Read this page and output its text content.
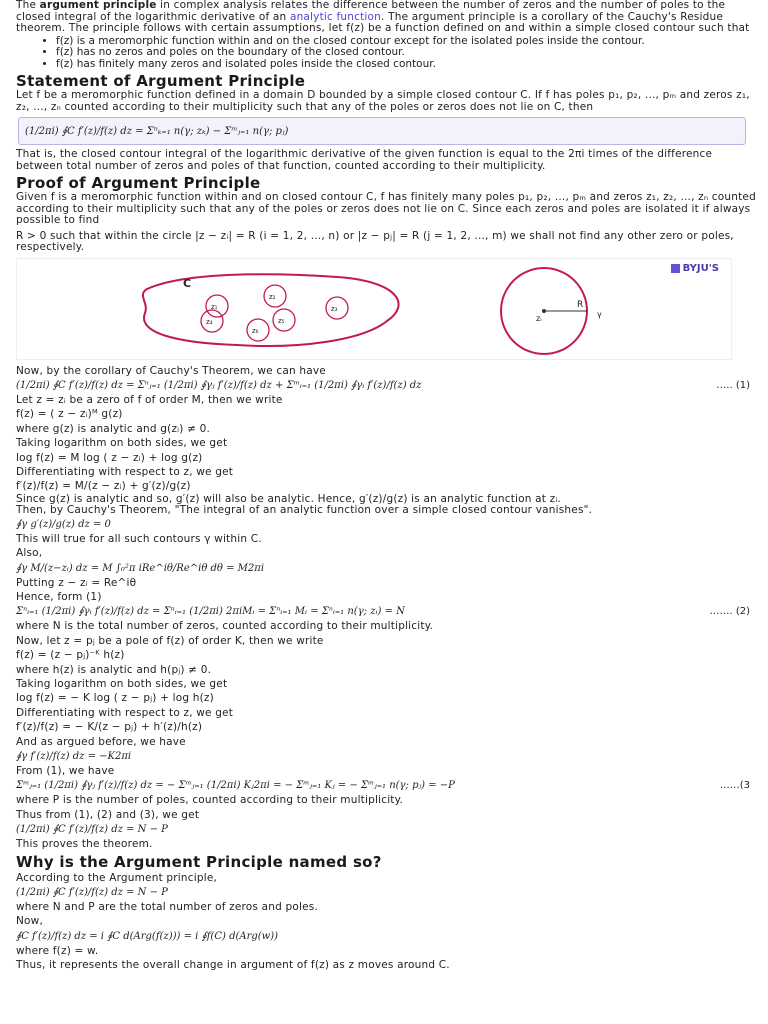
The argument principle in complex analysis relates the difference between the number of zeros and the number of poles to the closed integral of the logarithmic derivative of an analytic function. The argument principle is a corollary of the Cauchy's Residue theorem. The principle follows with certain assumptions, let f(z) be a function defined on and within a simple closed contour such that

• f(z) is a meromorphic function within and on the closed contour except for the isolated poles inside the contour.
• f(z) has no zeros and poles on the boundary of the closed contour.
• f(z) has finitely many zeros and isolated poles inside the closed contour.
Statement of Argument Principle

Let f be a meromorphic function defined in a domain D bounded by a simple closed contour C. If f has poles p₁, p₂, ..., pₘ and zeros z₁, z₂, ..., zₙ counted according to their multiplicity such that any of the poles or zeros does not lie on C, then

(1/2πi) ∮C f′(z)/f(z) dz = Σⁿₖ₌₁ n(γ; zₖ) − Σᵐⱼ₌₁ n(γ; pⱼ)

That is, the closed contour integral of the logarithmic derivative of the given function is equal to the 2πi times of the difference between total number of zeros and poles of that function, counted according to their multiplicity.

Proof of Argument Principle

Given f is a meromorphic function within and on closed contour C, f has finitely many poles p₁, p₂, ..., pₘ and zeros z₁, z₂, ..., zₙ counted according to their multiplicity such that any of the poles or zeros does not lie on C. Since each zeros and poles are isolated it if always possible to find

R > 0 such that within the circle |z − zᵢ| = R (i = 1, 2, ..., n) or |z − pⱼ| = R (j = 1, 2, ..., m) we shall not find any other zero or poles, respectively.

BYJU'S
C
z₁
z₂
z₃
z₄	z₅
z₆
R
zᵢ	γ
Now, by the corollary of Cauchy's Theorem, we can have
(1/2πi) ∮C f′(z)/f(z) dz = Σⁿⱼ₌₁ (1/2πi) ∮γⱼ f′(z)/f(z) dz + Σᵐᵢ₌₁ (1/2πi) ∮γᵢ f′(z)/f(z) dz	….. (1)
Let z = zᵢ be a zero of f of order M, then we write
f(z) = ( z − zᵢ)ᴹ g(z)
where g(z) is analytic and g(zᵢ) ≠ 0.
Taking logarithm on both sides, we get
log f(z) = M log ( z − zᵢ) + log g(z)
Differentiating with respect to z, we get
f′(z)/f(z) = M/(z − zᵢ) + g′(z)/g(z)
Since g(z) is analytic and so, g′(z) will also be analytic. Hence, g′(z)/g(z) is an analytic function at zᵢ.
Then, by Cauchy's Theorem, "The integral of an analytic function over a simple closed contour vanishes".
∮γ g′(z)/g(z) dz = 0
This will true for all such contours γ within C.
Also,
∮γ M/(z−zᵢ) dz = M ∫₀²π iRe^iθ/Re^iθ dθ = M2πi
Putting z − zᵢ = Re^iθ
Hence, form (1)
Σⁿᵢ₌₁ (1/2πi) ∮γᵢ f′(z)/f(z) dz = Σⁿᵢ₌₁ (1/2πi) 2πiMᵢ = Σⁿᵢ₌₁ Mᵢ = Σⁿᵢ₌₁ n(γ; zᵢ) = N	……. (2)
where N is the total number of zeros, counted according to their multiplicity.
Now, let z = pⱼ be a pole of f(z) of order K, then we write
f(z) = (z − pⱼ)⁻ᴷ h(z)
where h(z) is analytic and h(pⱼ) ≠ 0.
Taking logarithm on both sides, we get
log f(z) = − K log ( z − pⱼ) + log h(z)
Differentiating with respect to z, we get
f′(z)/f(z) = − K/(z − pⱼ) + h′(z)/h(z)
And as argued before, we have
∮γ f′(z)/f(z) dz = −K2πi
From (1), we have
Σᵐⱼ₌₁ (1/2πi) ∮γⱼ f′(z)/f(z) dz = − Σᵐⱼ₌₁ (1/2πi) Kⱼ2πi = − Σᵐⱼ₌₁ Kⱼ = − Σᵐⱼ₌₁ n(γ; pⱼ) = −P	……(3
where P is the number of poles, counted according to their multiplicity.
Thus from (1), (2) and (3), we get
(1/2πi) ∮C f′(z)/f(z) dz = N − P
This proves the theorem.
Why is the Argument Principle named so?
According to the Argument principle,
(1/2πi) ∮C f′(z)/f(z) dz = N − P
where N and P are the total number of zeros and poles.
Now,
∮C f′(z)/f(z) dz = i ∮C d(Arg(f(z))) = i ∮f(C) d(Arg(w))
where f(z) = w.
Thus, it represents the overall change in argument of f(z) as z moves around C.
